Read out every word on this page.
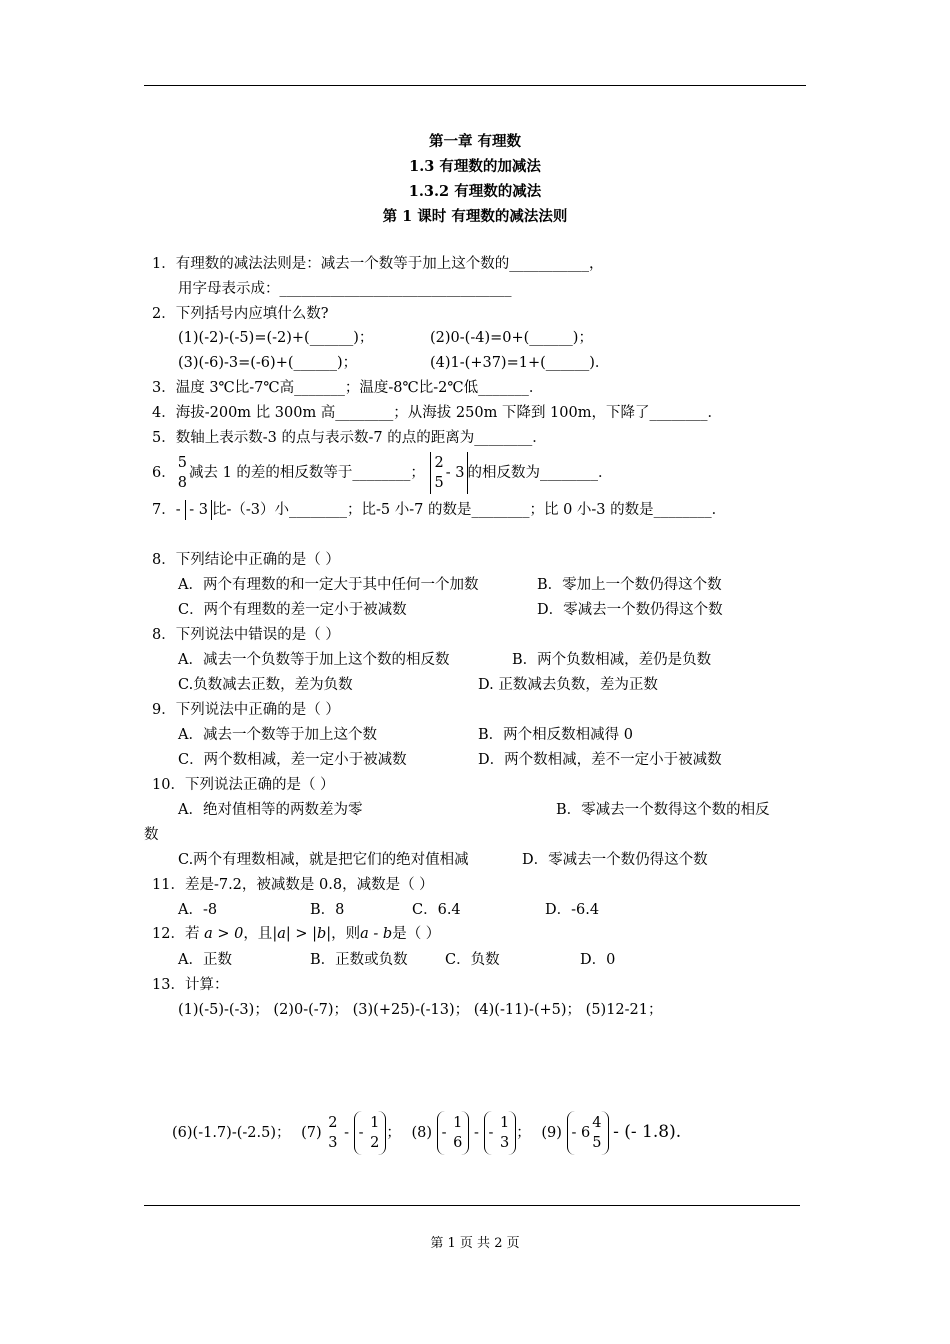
第一章 有理数
1.3 有理数的加减法
1.3.2 有理数的减法
第 1 课时 有理数的减法法则
1．有理数的减法法则是：减去一个数等于加上这个数的___________，
用字母表示成：________________________________
2．下列括号内应填什么数?
(1)(-2)-(-5)=(-2)+(______)；	(2)0-(-4)=0+(______)；
(3)(-6)-3=(-6)+(______)；	(4)1-(+37)=1+(______)．
3．温度 3℃比-7℃高_______；温度-8℃比-2℃低_______．
4．海拔-200m 比 300m 高________；从海拔 250m 下降到 100m，下降了________．
5．数轴上表示数-3 的点与表示数-7 的点的距离为________．
6．
5
8
减去 1 的差的相反数等于________；
2
5
- 3 的相反数为________．
7．- - 3 比-（-3）小________；比-5 小-7 的数是________；比 0 小-3 的数是________．
8．下列结论中正确的是（ ）
A．两个有理数的和一定大于其中任何一个加数	B．零加上一个数仍得这个数
C．两个有理数的差一定小于被减数	D．零减去一个数仍得这个数
8．下列说法中错误的是（ ）
A．减去一个负数等于加上这个数的相反数	B．两个负数相减，差仍是负数
C.负数减去正数，差为负数	D. 正数减去负数，差为正数
9．下列说法中正确的是（ ）
A．减去一个数等于加上这个数	B．两个相反数相减得 0
C．两个数相减，差一定小于被减数	D．两个数相减，差不一定小于被减数
10．下列说法正确的是（ ）
A．绝对值相等的两数差为零	B．零减去一个数得这个数的相反
数
C.两个有理数相减，就是把它们的绝对值相减	D．零减去一个数仍得这个数
11．差是-7.2，被减数是 0.8，减数是（ ）
A．-8	B．8	C．6.4	D．-6.4
12．若 a > 0，且|a| > |b|，则a - b是（ ）
A．正数	B．正数或负数	C．负数	D．0
13．计算：
(1)(-5)-(-3)； (2)0-(-7)； (3)(+25)-(-13)； (4)(-11)-(+5)； (5)12-21；
(6)(-1.7)-(-2.5)； (7)
2
3
- -
1
2
； (8) -
1
6
- -
1
3
； (9) - 6
4
5
- (- 1.8).
第 1 页 共 2 页
